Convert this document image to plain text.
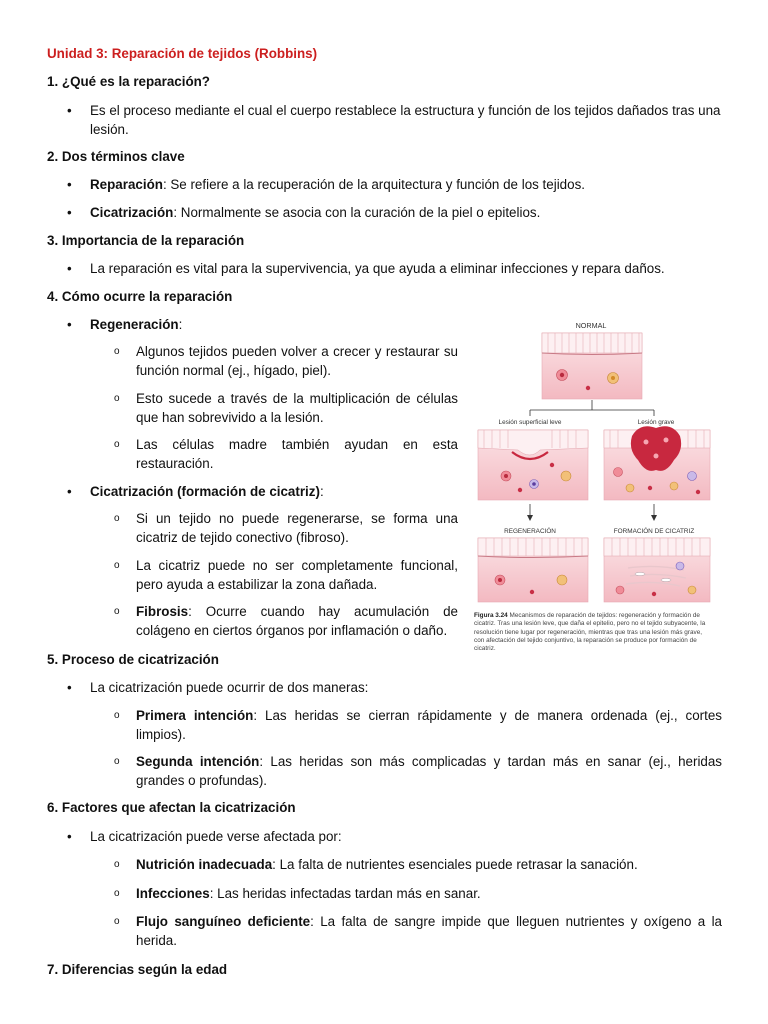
Unidad 3: Reparación de tejidos (Robbins)

1. ¿Qué es la reparación?

• Es el proceso mediante el cual el cuerpo restablece la estructura y función de los tejidos dañados tras una lesión.

2. Dos términos clave

• Reparación: Se refiere a la recuperación de la arquitectura y función de los tejidos.

• Cicatrización: Normalmente se asocia con la curación de la piel o epitelios.

3. Importancia de la reparación

• La reparación es vital para la supervivencia, ya que ayuda a eliminar infecciones y repara daños.

4. Cómo ocurre la reparación

• Regeneración:

o Algunos tejidos pueden volver a crecer y restaurar su función normal (ej., hígado, piel).

o Esto sucede a través de la multiplicación de células que han sobrevivido a la lesión.

o Las células madre también ayudan en esta restauración.

• Cicatrización (formación de cicatriz):

o Si un tejido no puede regenerarse, se forma una cicatriz de tejido conectivo (fibroso).

o La cicatriz puede no ser completamente funcional, pero ayuda a estabilizar la zona dañada.

o Fibrosis: Ocurre cuando hay acumulación de colágeno en ciertos órganos por inflamación o daño.

NORMAL
Lesión superficial leve	Lesión grave
REGENERACIÓN	FORMACIÓN DE CICATRIZ

Figura 3.24 Mecanismos de reparación de tejidos: regeneración y formación de cicatriz. Tras una lesión leve, que daña el epitelio, pero no el tejido subyacente, la resolución tiene lugar por regeneración, mientras que tras una lesión más grave, con afectación del tejido conjuntivo, la reparación se produce por formación de cicatriz.

5. Proceso de cicatrización

• La cicatrización puede ocurrir de dos maneras:

o Primera intención: Las heridas se cierran rápidamente y de manera ordenada (ej., cortes limpios).

o Segunda intención: Las heridas son más complicadas y tardan más en sanar (ej., heridas grandes o profundas).

6. Factores que afectan la cicatrización

• La cicatrización puede verse afectada por:

o Nutrición inadecuada: La falta de nutrientes esenciales puede retrasar la sanación.

o Infecciones: Las heridas infectadas tardan más en sanar.

o Flujo sanguíneo deficiente: La falta de sangre impide que lleguen nutrientes y oxígeno a la herida.

7. Diferencias según la edad
